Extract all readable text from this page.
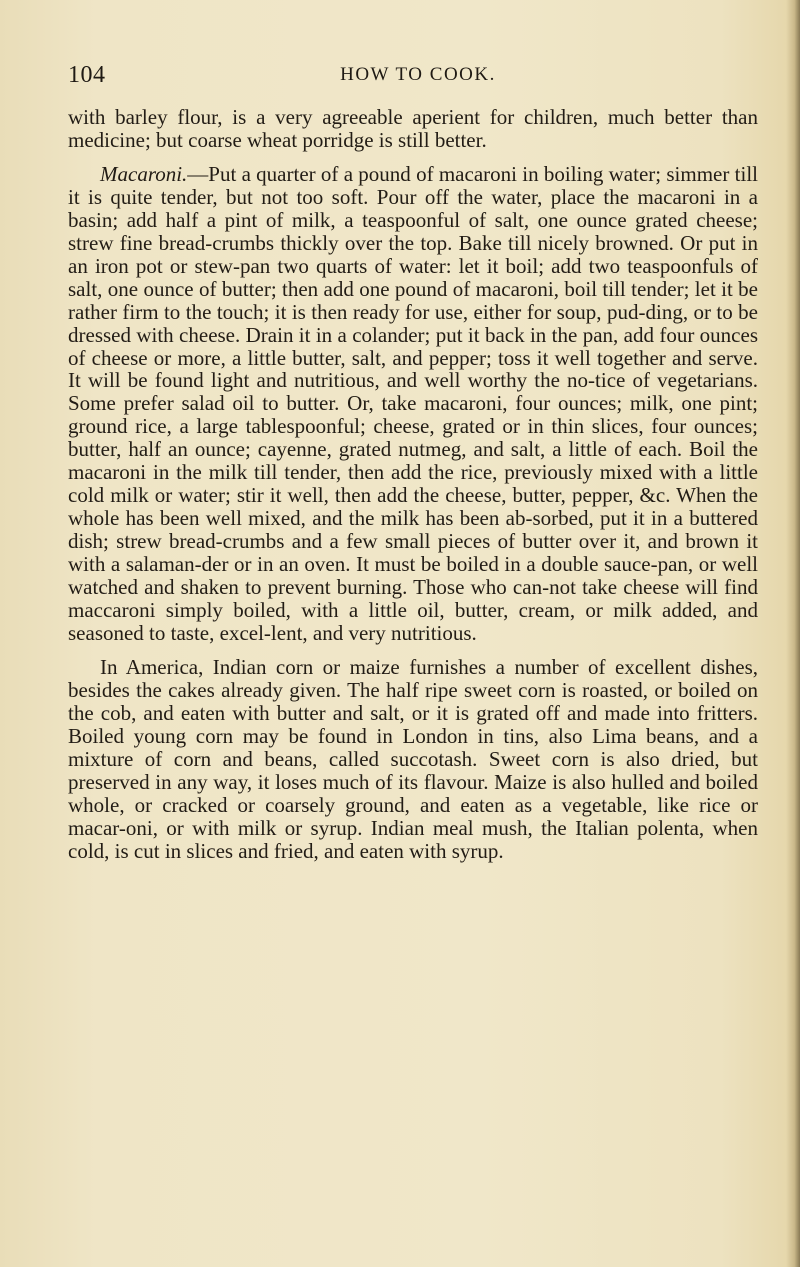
104	HOW TO COOK.

with barley flour, is a very agreeable aperient for children, much better than medicine; but coarse wheat porridge is still better.

Macaroni.—Put a quarter of a pound of macaroni in boiling water; simmer till it is quite tender, but not too soft. Pour off the water, place the macaroni in a basin; add half a pint of milk, a teaspoonful of salt, one ounce grated cheese; strew fine bread-crumbs thickly over the top. Bake till nicely browned. Or put in an iron pot or stew-pan two quarts of water: let it boil; add two teaspoonfuls of salt, one ounce of butter; then add one pound of macaroni, boil till tender; let it be rather firm to the touch; it is then ready for use, either for soup, pud-ding, or to be dressed with cheese. Drain it in a colander; put it back in the pan, add four ounces of cheese or more, a little butter, salt, and pepper; toss it well together and serve. It will be found light and nutritious, and well worthy the no-tice of vegetarians. Some prefer salad oil to butter. Or, take macaroni, four ounces; milk, one pint; ground rice, a large tablespoonful; cheese, grated or in thin slices, four ounces; butter, half an ounce; cayenne, grated nutmeg, and salt, a little of each. Boil the macaroni in the milk till tender, then add the rice, previously mixed with a little cold milk or water; stir it well, then add the cheese, butter, pepper, &c. When the whole has been well mixed, and the milk has been ab-sorbed, put it in a buttered dish; strew bread-crumbs and a few small pieces of butter over it, and brown it with a salaman-der or in an oven. It must be boiled in a double sauce-pan, or well watched and shaken to prevent burning. Those who can-not take cheese will find maccaroni simply boiled, with a little oil, butter, cream, or milk added, and seasoned to taste, excel-lent, and very nutritious.

In America, Indian corn or maize furnishes a number of excellent dishes, besides the cakes already given. The half ripe sweet corn is roasted, or boiled on the cob, and eaten with butter and salt, or it is grated off and made into fritters. Boiled young corn may be found in London in tins, also Lima beans, and a mixture of corn and beans, called succotash. Sweet corn is also dried, but preserved in any way, it loses much of its flavour. Maize is also hulled and boiled whole, or cracked or coarsely ground, and eaten as a vegetable, like rice or macar-oni, or with milk or syrup. Indian meal mush, the Italian polenta, when cold, is cut in slices and fried, and eaten with syrup.
